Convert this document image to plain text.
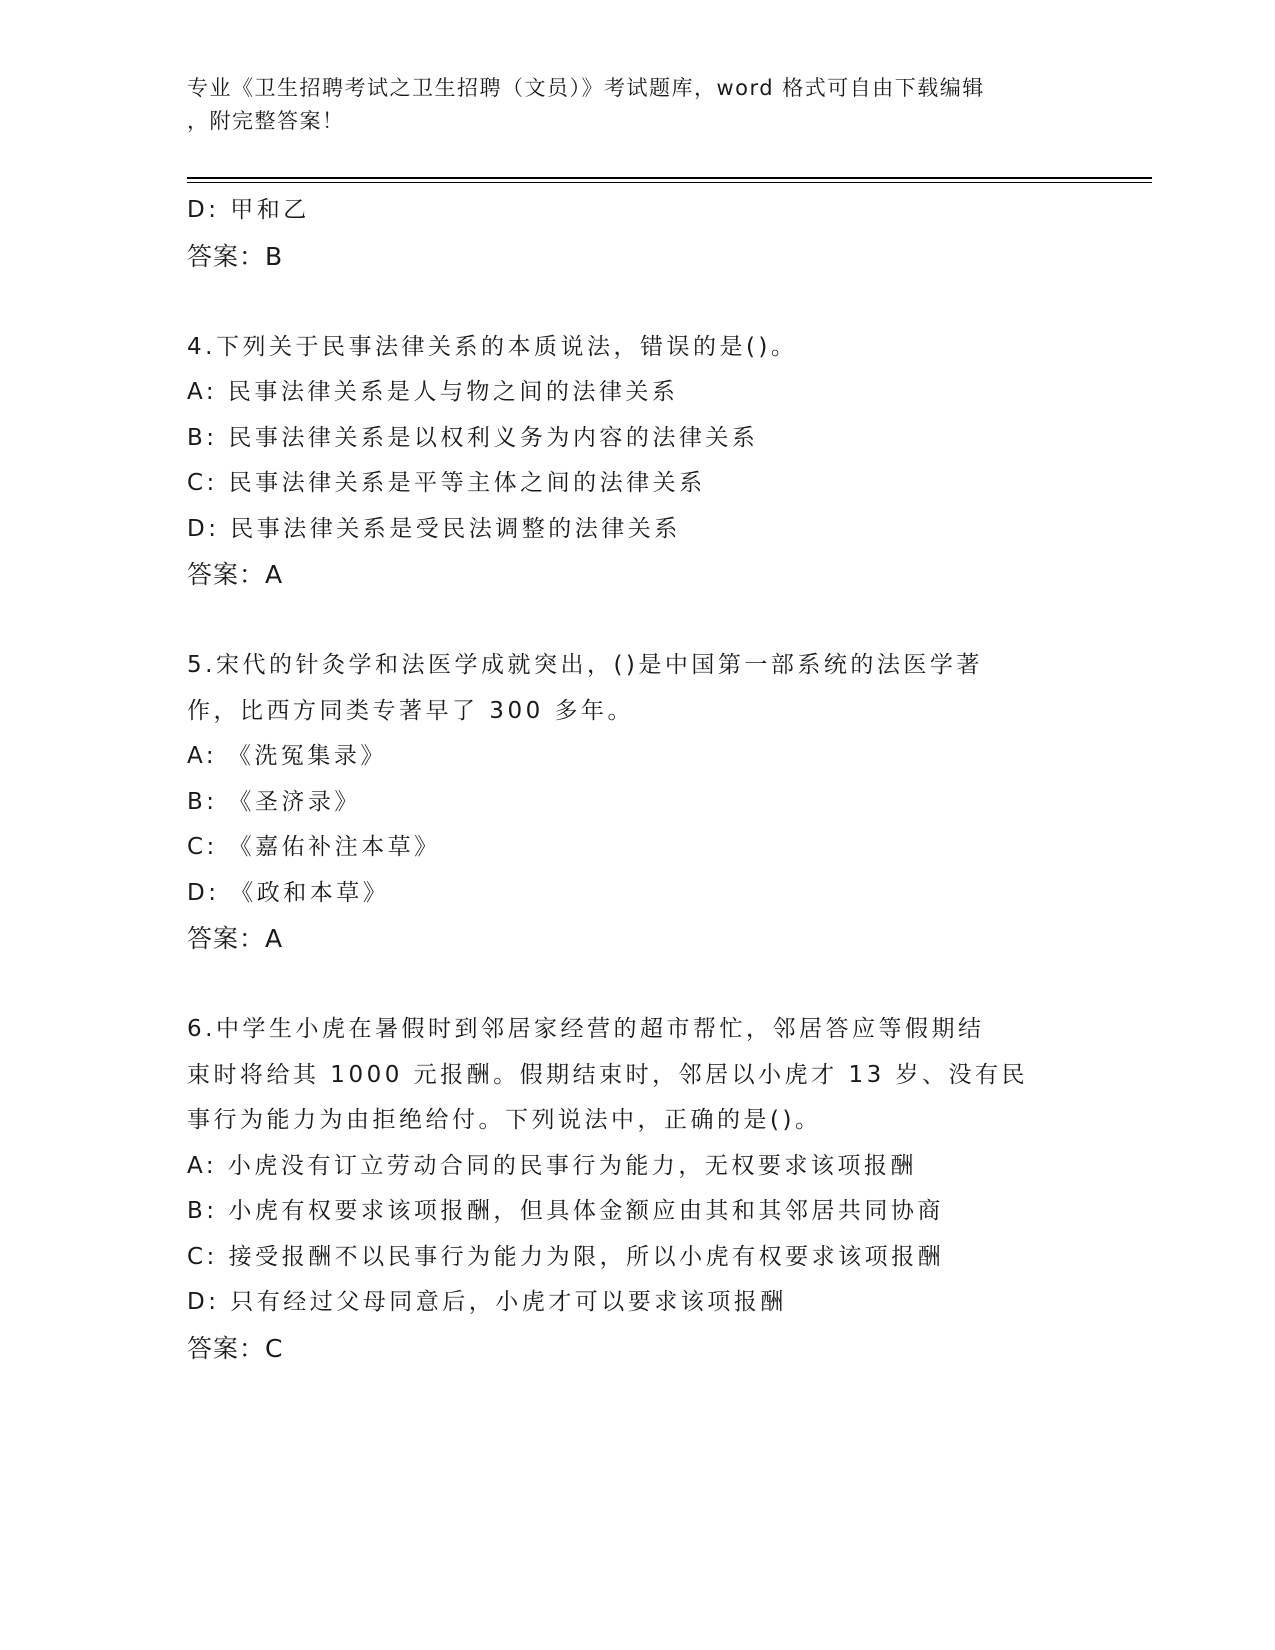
专业《卫生招聘考试之卫生招聘（文员）》考试题库，word 格式可自由下载编辑
，附完整答案！
D: 甲和乙
答案：B
4.下列关于民事法律关系的本质说法，错误的是()。
A: 民事法律关系是人与物之间的法律关系
B: 民事法律关系是以权利义务为内容的法律关系
C: 民事法律关系是平等主体之间的法律关系
D: 民事法律关系是受民法调整的法律关系
答案：A
5.宋代的针灸学和法医学成就突出，()是中国第一部系统的法医学著
作，比西方同类专著早了 300 多年。
A: 《洗冤集录》
B: 《圣济录》
C: 《嘉佑补注本草》
D: 《政和本草》
答案：A
6.中学生小虎在暑假时到邻居家经营的超市帮忙，邻居答应等假期结
束时将给其 1000 元报酬。假期结束时，邻居以小虎才 13 岁、没有民
事行为能力为由拒绝给付。下列说法中，正确的是()。
A: 小虎没有订立劳动合同的民事行为能力，无权要求该项报酬
B: 小虎有权要求该项报酬，但具体金额应由其和其邻居共同协商
C: 接受报酬不以民事行为能力为限，所以小虎有权要求该项报酬
D: 只有经过父母同意后，小虎才可以要求该项报酬
答案：C
